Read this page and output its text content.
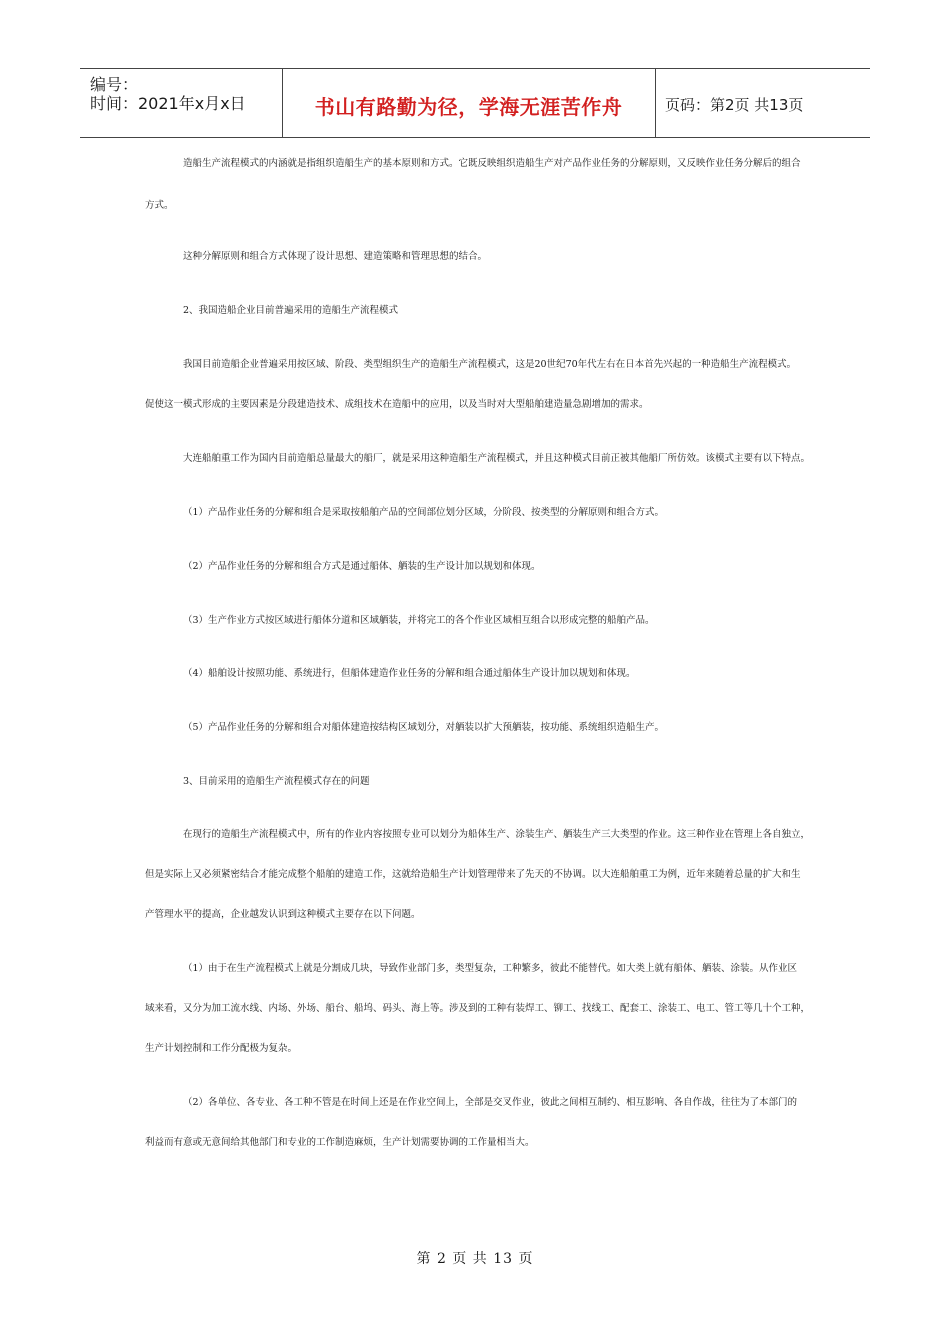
编号：
时间：2021年x月x日	书山有路勤为径，学海无涯苦作舟	页码：第2页 共13页
造船生产流程模式的内涵就是指组织造船生产的基本原则和方式。它既反映组织造船生产对产品作业任务的分解原则，又反映作业任务分解后的组合
方式。
这种分解原则和组合方式体现了设计思想、建造策略和管理思想的结合。
2、我国造船企业目前普遍采用的造船生产流程模式
我国目前造船企业普遍采用按区域、阶段、类型组织生产的造船生产流程模式，这是20世纪70年代左右在日本首先兴起的一种造船生产流程模式。
促使这一模式形成的主要因素是分段建造技术、成组技术在造船中的应用，以及当时对大型船舶建造量急剧增加的需求。
大连船舶重工作为国内目前造船总量最大的船厂，就是采用这种造船生产流程模式，并且这种模式目前正被其他船厂所仿效。该模式主要有以下特点。
（1）产品作业任务的分解和组合是采取按船舶产品的空间部位划分区域，分阶段、按类型的分解原则和组合方式。
（2）产品作业任务的分解和组合方式是通过船体、舾装的生产设计加以规划和体现。
（3）生产作业方式按区域进行船体分道和区域舾装，并将完工的各个作业区域相互组合以形成完整的船舶产品。
（4）船舶设计按照功能、系统进行，但船体建造作业任务的分解和组合通过船体生产设计加以规划和体现。
（5）产品作业任务的分解和组合对船体建造按结构区域划分，对舾装以扩大预舾装，按功能、系统组织造船生产。
3、目前采用的造船生产流程模式存在的问题
在现行的造船生产流程模式中，所有的作业内容按照专业可以划分为船体生产、涂装生产、舾装生产三大类型的作业。这三种作业在管理上各自独立，
但是实际上又必须紧密结合才能完成整个船舶的建造工作，这就给造船生产计划管理带来了先天的不协调。以大连船舶重工为例，近年来随着总量的扩大和生
产管理水平的提高，企业越发认识到这种模式主要存在以下问题。
（1）由于在生产流程模式上就是分割成几块，导致作业部门多，类型复杂，工种繁多，彼此不能替代。如大类上就有船体、舾装、涂装。从作业区
域来看，又分为加工流水线、内场、外场、船台、船坞、码头、海上等。涉及到的工种有装焊工、铆工、找线工、配套工、涂装工、电工、管工等几十个工种，
生产计划控制和工作分配极为复杂。
（2）各单位、各专业、各工种不管是在时间上还是在作业空间上，全部是交叉作业，彼此之间相互制约、相互影响、各自作战，往往为了本部门的
利益而有意或无意间给其他部门和专业的工作制造麻烦，生产计划需要协调的工作量相当大。
第 2 页 共 13 页
